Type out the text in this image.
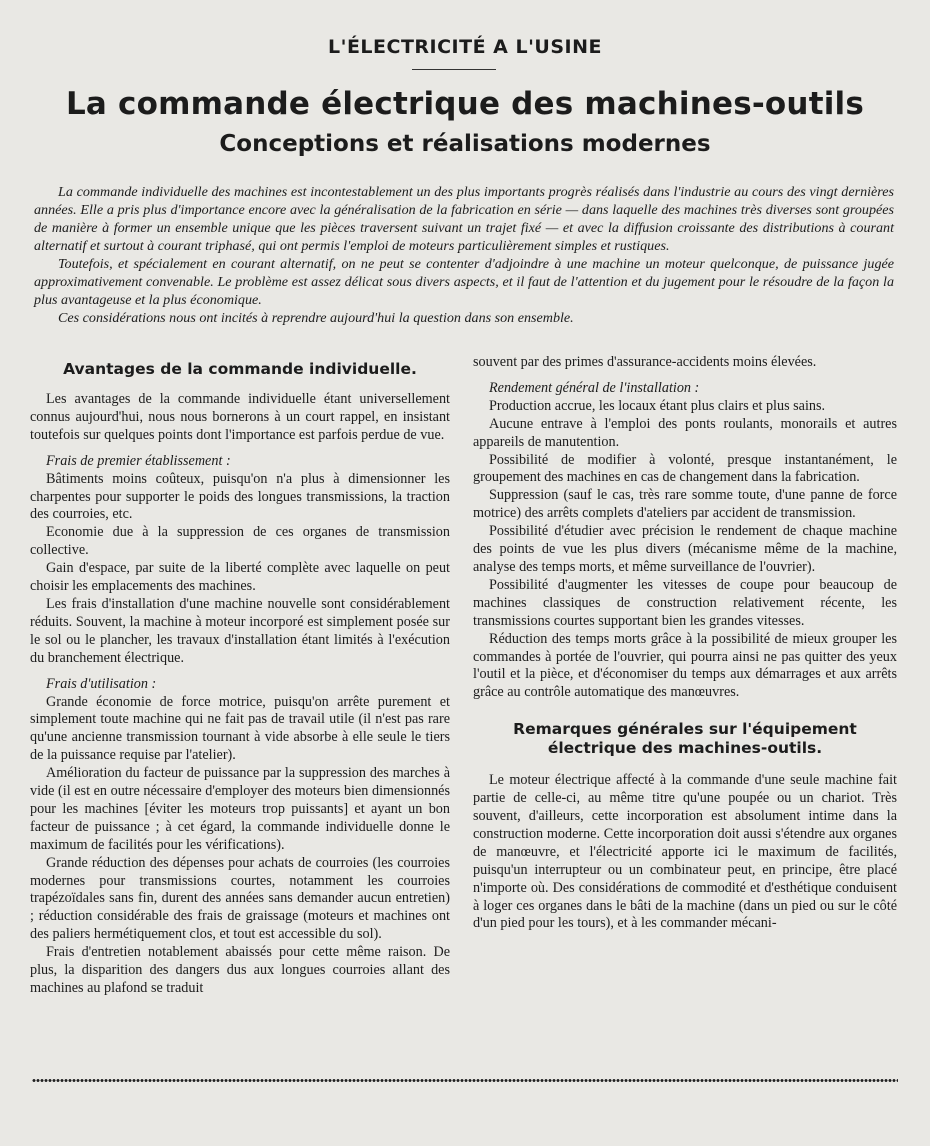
L'ÉLECTRICITÉ A L'USINE
La commande électrique des machines-outils
Conceptions et réalisations modernes

La commande individuelle des machines est incontestablement un des plus importants progrès réalisés dans l'industrie au cours des vingt dernières années. Elle a pris plus d'importance encore avec la généralisation de la fabrication en série — dans laquelle des machines très diverses sont groupées de manière à former un ensemble unique que les pièces traversent suivant un trajet fixé — et avec la diffusion croissante des distributions à courant alternatif et surtout à courant triphasé, qui ont permis l'emploi de moteurs particulièrement simples et rustiques.

Toutefois, et spécialement en courant alternatif, on ne peut se contenter d'adjoindre à une machine un moteur quelconque, de puissance jugée approximativement convenable. Le problème est assez délicat sous divers aspects, et il faut de l'attention et du jugement pour le résoudre de la façon la plus avantageuse et la plus économique.

Ces considérations nous ont incités à reprendre aujourd'hui la question dans son ensemble.

Avantages de la commande individuelle.

Les avantages de la commande individuelle étant universellement connus aujourd'hui, nous nous bornerons à un court rappel, en insistant toutefois sur quelques points dont l'importance est parfois perdue de vue.

Frais de premier établissement :

Bâtiments moins coûteux, puisqu'on n'a plus à dimensionner les charpentes pour supporter le poids des longues transmissions, la traction des courroies, etc.

Economie due à la suppression de ces organes de transmission collective.

Gain d'espace, par suite de la liberté complète avec laquelle on peut choisir les emplacements des machines.

Les frais d'installation d'une machine nouvelle sont considérablement réduits. Souvent, la machine à moteur incorporé est simplement posée sur le sol ou le plancher, les travaux d'installation étant limités à l'exécution du branchement électrique.

Frais d'utilisation :

Grande économie de force motrice, puisqu'on arrête purement et simplement toute machine qui ne fait pas de travail utile (il n'est pas rare qu'une ancienne transmission tournant à vide absorbe à elle seule le tiers de la puissance requise par l'atelier).

Amélioration du facteur de puissance par la suppression des marches à vide (il est en outre nécessaire d'employer des moteurs bien dimensionnés pour les machines [éviter les moteurs trop puissants] et ayant un bon facteur de puissance ; à cet égard, la commande individuelle donne le maximum de facilités pour les vérifications).

Grande réduction des dépenses pour achats de courroies (les courroies modernes pour transmissions courtes, notamment les courroies trapézoïdales sans fin, durent des années sans demander aucun entretien) ; réduction considérable des frais de graissage (moteurs et machines ont des paliers hermétiquement clos, et tout est accessible du sol).

Frais d'entretien notablement abaissés pour cette même raison. De plus, la disparition des dangers dus aux longues courroies allant des machines au plafond se traduit

souvent par des primes d'assurance-accidents moins élevées.

Rendement général de l'installation :

Production accrue, les locaux étant plus clairs et plus sains.

Aucune entrave à l'emploi des ponts roulants, monorails et autres appareils de manutention.

Possibilité de modifier à volonté, presque instantanément, le groupement des machines en cas de changement dans la fabrication.

Suppression (sauf le cas, très rare somme toute, d'une panne de force motrice) des arrêts complets d'ateliers par accident de transmission.

Possibilité d'étudier avec précision le rendement de chaque machine des points de vue les plus divers (mécanisme même de la machine, analyse des temps morts, et même surveillance de l'ouvrier).

Possibilité d'augmenter les vitesses de coupe pour beaucoup de machines classiques de construction relativement récente, les transmissions courtes supportant bien les grandes vitesses.

Réduction des temps morts grâce à la possibilité de mieux grouper les commandes à portée de l'ouvrier, qui pourra ainsi ne pas quitter des yeux l'outil et la pièce, et d'économiser du temps aux démarrages et aux arrêts grâce au contrôle automatique des manœuvres.

Remarques générales sur l'équipement électrique des machines-outils.

Le moteur électrique affecté à la commande d'une seule machine fait partie de celle-ci, au même titre qu'une poupée ou un chariot. Très souvent, d'ailleurs, cette incorporation est absolument intime dans la construction moderne. Cette incorporation doit aussi s'étendre aux organes de manœuvre, et l'électricité apporte ici le maximum de facilités, puisqu'un interrupteur ou un combinateur peut, en principe, être placé n'importe où. Des considérations de commodité et d'esthétique conduisent à loger ces organes dans le bâti de la machine (dans un pied ou sur le côté d'un pied pour les tours), et à les commander mécani-
